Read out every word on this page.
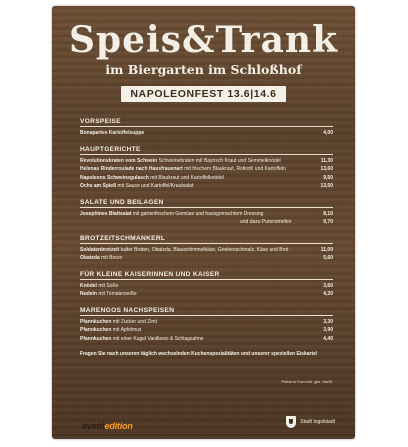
Speis&Trank
im Biergarten im Schloßhof
NAPOLEONFEST 13.6|14.6
VORSPEISE
Bonapartes Kartoffelsuppe	4,00
HAUPTGERICHTE
Revolutionsbraten vom Schwein Schweinebraten mit Bayrisch Kraut und Semmelknödel	11,30
Helenas Rinderroulade nach Hausfrauenart mit frischem Blaukraut, Rotkohl und Kartoffeln	13,60
Napoleons Schweinegulasch mit Blaukraut und Kartoffelknödel	9,50
Ochs am Spieß mit Sauce und Kartoffel/Krautsalat	13,50
SALATE UND BEILAGEN
Josephines Blattsalat mit gartenfrischem Gemüse und hausgemachtem Dressing	8,10
und dazu Putenstreifen	9,70
BROTZEITSCHMANKERL
Soldatenbrotzeit kalter Braten, Obatzda, Blauschimmelkäse, Griebenschmalz, Käse und Brot	11,00
Obatzda mit Brezn	5,60
FÜR KLEINE KAISERINNEN UND KAISER
Knödel mit Soße	3,60
Nudeln mit Tomatensoße	4,20
MARENGOS NACHSPEISEN
Pfannkuchen mit Zucker und Zimt	3,30
Pfannkuchen mit Apfelmus	3,90
Pfannkuchen mit einer Kugel Vanilleeis & Schlagsahne	4,40
Fragen Sie nach unseren täglich wechselnden Kuchenspezialitäten und unserer speziellen Eiskarte!
Preise in Euro inkl. ges. MwSt.
eventedition	Stadt Ingolstadt
